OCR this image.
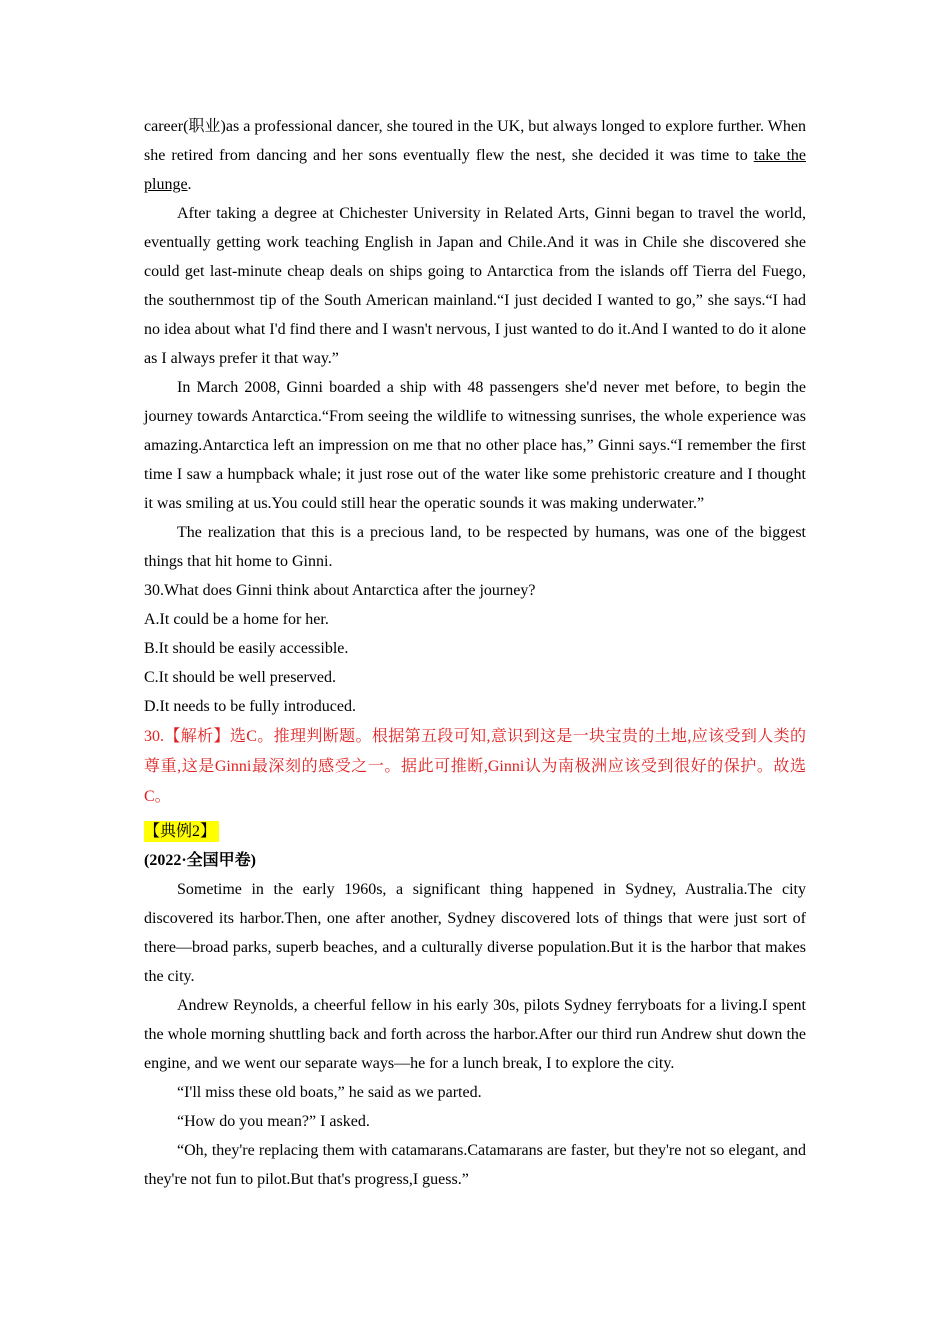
career(职业)as a professional dancer, she toured in the UK, but always longed to explore further. When she retired from dancing and her sons eventually flew the nest, she decided it was time to take the plunge.

After taking a degree at Chichester University in Related Arts, Ginni began to travel the world, eventually getting work teaching English in Japan and Chile.And it was in Chile she discovered she could get last-minute cheap deals on ships going to Antarctica from the islands off Tierra del Fuego, the southernmost tip of the South American mainland.“I just decided I wanted to go,” she says.“I had no idea about what I'd find there and I wasn't nervous, I just wanted to do it.And I wanted to do it alone as I always prefer it that way.”

In March 2008, Ginni boarded a ship with 48 passengers she'd never met before, to begin the journey towards Antarctica.“From seeing the wildlife to witnessing sunrises, the whole experience was amazing.Antarctica left an impression on me that no other place has,” Ginni says.“I remember the first time I saw a humpback whale; it just rose out of the water like some prehistoric creature and I thought it was smiling at us.You could still hear the operatic sounds it was making underwater.”

The realization that this is a precious land, to be respected by humans, was one of the biggest things that hit home to Ginni.

30.What does Ginni think about Antarctica after the journey?

A.It could be a home for her.

B.It should be easily accessible.

C.It should be well preserved.

D.It needs to be fully introduced.

30.【解析】选C。推理判断题。根据第五段可知,意识到这是一块宝贵的土地,应该受到人类的尊重,这是Ginni最深刻的感受之一。据此可推断,Ginni认为南极洲应该受到很好的保护。故选C。

【典例2】

(2022·全国甲卷)

Sometime in the early 1960s, a significant thing happened in Sydney, Australia.The city discovered its harbor.Then, one after another, Sydney discovered lots of things that were just sort of there—broad parks, superb beaches, and a culturally diverse population.But it is the harbor that makes the city.

Andrew Reynolds, a cheerful fellow in his early 30s, pilots Sydney ferryboats for a living.I spent the whole morning shuttling back and forth across the harbor.After our third run Andrew shut down the engine, and we went our separate ways—he for a lunch break, I to explore the city.

“I'll miss these old boats,” he said as we parted.

“How do you mean?” I asked.

“Oh, they're replacing them with catamarans.Catamarans are faster, but they're not so elegant, and they're not fun to pilot.But that's progress,I guess.”
